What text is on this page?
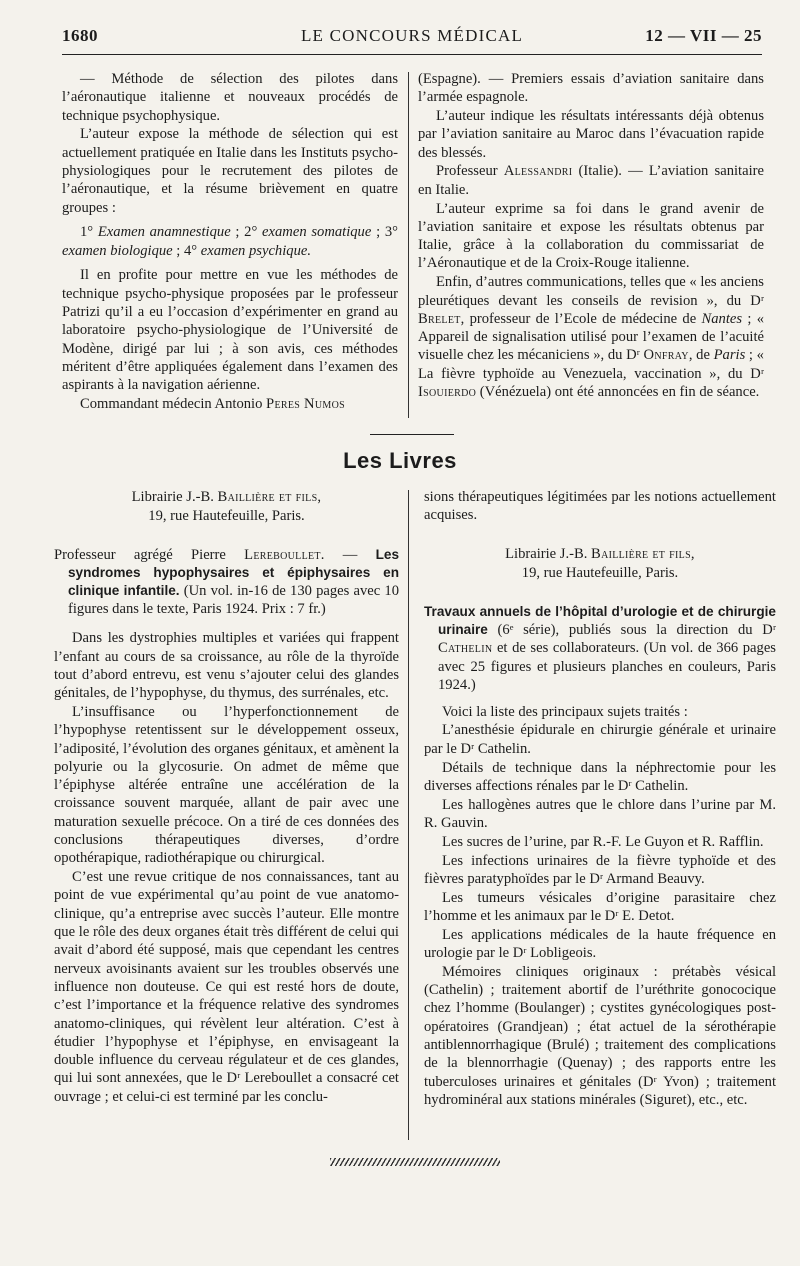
LE CONCOURS MÉDICAL
1680	12 — VII — 25

— Méthode de sélection des pilotes dans l’aéronautique italienne et nouveaux procédés de technique psychophysique.

L’auteur expose la méthode de sélection qui est actuellement pratiquée en Italie dans les Instituts psycho-physiologiques pour le recrutement des pilotes de l’aéronautique, et la résume brièvement en quatre groupes :

1° Examen anamnestique ; 2° examen somatique ; 3° examen biologique ; 4° examen psychique.

Il en profite pour mettre en vue les méthodes de technique psycho-physique proposées par le professeur Patrizi qu’il a eu l’occasion d’expérimenter en grand au laboratoire psycho-physiologique de l’Université de Modène, dirigé par lui ; à son avis, ces méthodes méritent d’être appliquées également dans l’examen des aspirants à la navigation aérienne.

Commandant médecin Antonio Peres Numos

(Espagne). — Premiers essais d’aviation sanitaire dans l’armée espagnole.

L’auteur indique les résultats intéressants déjà obtenus par l’aviation sanitaire au Maroc dans l’évacuation rapide des blessés.

Professeur Alessandri (Italie). — L’aviation sanitaire en Italie.

L’auteur exprime sa foi dans le grand avenir de l’aviation sanitaire et expose les résultats obtenus par Italie, grâce à la collaboration du commissariat de l’Aéronautique et de la Croix-Rouge italienne.

Enfin, d’autres communications, telles que « les anciens pleurétiques devant les conseils de revision », du Dʳ Brelet, professeur de l’Ecole de médecine de Nantes ; « Appareil de signalisation utilisé pour l’examen de l’acuité visuelle chez les mécaniciens », du Dʳ Onfray, de Paris ; « La fièvre typhoïde au Venezuela, vaccination », du Dʳ Isouierdo (Vénézuela) ont été annoncées en fin de séance.

Les Livres

Librairie J.-B. Baillière et fils,

19, rue Hautefeuille, Paris.

Professeur agrégé Pierre Lereboullet. — Les syndromes hypophysaires et épiphysaires en clinique infantile. (Un vol. in-16 de 130 pages avec 10 figures dans le texte, Paris 1924. Prix : 7 fr.)

Dans les dystrophies multiples et variées qui frappent l’enfant au cours de sa croissance, au rôle de la thyroïde tout d’abord entrevu, est venu s’ajouter celui des glandes génitales, de l’hypophyse, du thymus, des surrénales, etc.

L’insuffisance ou l’hyperfonctionnement de l’hypophyse retentissent sur le développement osseux, l’adiposité, l’évolution des organes génitaux, et amènent la polyurie ou la glycosurie. On admet de même que l’épiphyse altérée entraîne une accélération de la croissance souvent marquée, allant de pair avec une maturation sexuelle précoce. On a tiré de ces données des conclusions thérapeutiques diverses, d’ordre opothérapique, radiothérapique ou chirurgical.

C’est une revue critique de nos connaissances, tant au point de vue expérimental qu’au point de vue anatomo-clinique, qu’a entreprise avec succès l’auteur. Elle montre que le rôle des deux organes était très différent de celui qui avait d’abord été supposé, mais que cependant les centres nerveux avoisinants avaient sur les troubles observés une influence non douteuse. Ce qui est resté hors de doute, c’est l’importance et la fréquence relative des syndromes anatomo-cliniques, qui révèlent leur altération. C’est à étudier l’hypophyse et l’épiphyse, en envisageant la double influence du cerveau régulateur et de ces glandes, qui lui sont annexées, que le Dʳ Lereboullet a consacré cet ouvrage ; et celui-ci est terminé par les conclu-

sions thérapeutiques légitimées par les notions actuellement acquises.

Librairie J.-B. Baillière et fils,

19, rue Hautefeuille, Paris.

Travaux annuels de l’hôpital d’urologie et de chirurgie urinaire (6ᵉ série), publiés sous la direction du Dʳ Cathelin et de ses collaborateurs. (Un vol. de 366 pages avec 25 figures et plusieurs planches en couleurs, Paris 1924.)

Voici la liste des principaux sujets traités :

L’anesthésie épidurale en chirurgie générale et urinaire par le Dʳ Cathelin.

Détails de technique dans la néphrectomie pour les diverses affections rénales par le Dʳ Cathelin.

Les hallogènes autres que le chlore dans l’urine par M. R. Gauvin.

Les sucres de l’urine, par R.-F. Le Guyon et R. Rafflin.

Les infections urinaires de la fièvre typhoïde et des fièvres paratyphoïdes par le Dʳ Armand Beauvy.

Les tumeurs vésicales d’origine parasitaire chez l’homme et les animaux par le Dʳ E. Detot.

Les applications médicales de la haute fréquence en urologie par le Dʳ Lobligeois.

Mémoires cliniques originaux : prétabès vésical (Cathelin) ; traitement abortif de l’uréthrite gonococique chez l’homme (Boulanger) ; cystites gynécologiques post-opératoires (Grandjean) ; état actuel de la sérothérapie antiblennorrhagique (Brulé) ; traitement des complications de la blennorrhagie (Quenay) ; des rapports entre les tuberculoses urinaires et génitales (Dʳ Yvon) ; traitement hydrominéral aux stations minérales (Siguret), etc., etc.
